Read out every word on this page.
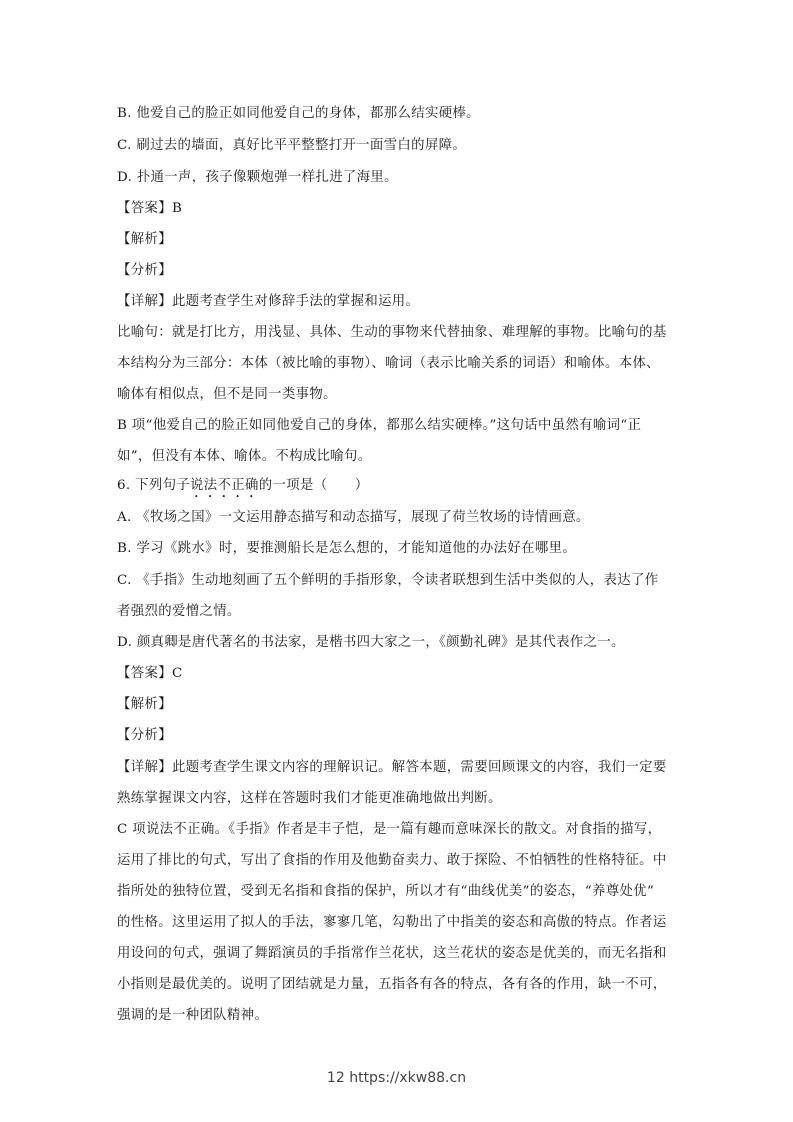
B. 他爱自己的脸正如同他爱自己的身体，都那么结实硬棒。
C. 刷过去的墙面，真好比平平整整打开一面雪白的屏障。
D. 扑通一声，孩子像颗炮弹一样扎进了海里。
【答案】B
【解析】
【分析】
【详解】此题考查学生对修辞手法的掌握和运用。
比喻句：就是打比方，用浅显、具体、生动的事物来代替抽象、难理解的事物。比喻句的基
本结构分为三部分：本体（被比喻的事物）、喻词（表示比喻关系的词语）和喻体。本体、
喻体有相似点，但不是同一类事物。
B 项“他爱自己的脸正如同他爱自己的身体，都那么结实硬棒。”这句话中虽然有喻词“正
如”，但没有本体、喻体。不构成比喻句。
6. 下列句子说法不正确的一项是（　　）
A. 《牧场之国》一文运用静态描写和动态描写，展现了荷兰牧场的诗情画意。
B. 学习《跳水》时，要推测船长是怎么想的，才能知道他的办法好在哪里。
C. 《手指》生动地刻画了五个鲜明的手指形象，令读者联想到生活中类似的人，表达了作
者强烈的爱憎之情。
D. 颜真卿是唐代著名的书法家，是楷书四大家之一，《颜勤礼碑》是其代表作之一。
【答案】C
【解析】
【分析】
【详解】此题考查学生课文内容的理解识记。解答本题，需要回顾课文的内容，我们一定要
熟练掌握课文内容，这样在答题时我们才能更准确地做出判断。
C 项说法不正确。《手指》作者是丰子恺，是一篇有趣而意味深长的散文。对食指的描写，
运用了排比的句式，写出了食指的作用及他勤奋卖力、敢于探险、不怕牺牲的性格特征。中
指所处的独特位置，受到无名指和食指的保护，所以才有“曲线优美”的姿态，“养尊处优”
的性格。这里运用了拟人的手法，寥寥几笔，勾勒出了中指美的姿态和高傲的特点。作者运
用设问的句式，强调了舞蹈演员的手指常作兰花状，这兰花状的姿态是优美的，而无名指和
小指则是最优美的。说明了团结就是力量，五指各有各的特点，各有各的作用，缺一不可，
强调的是一种团队精神。
12 https://xkw88.cn
